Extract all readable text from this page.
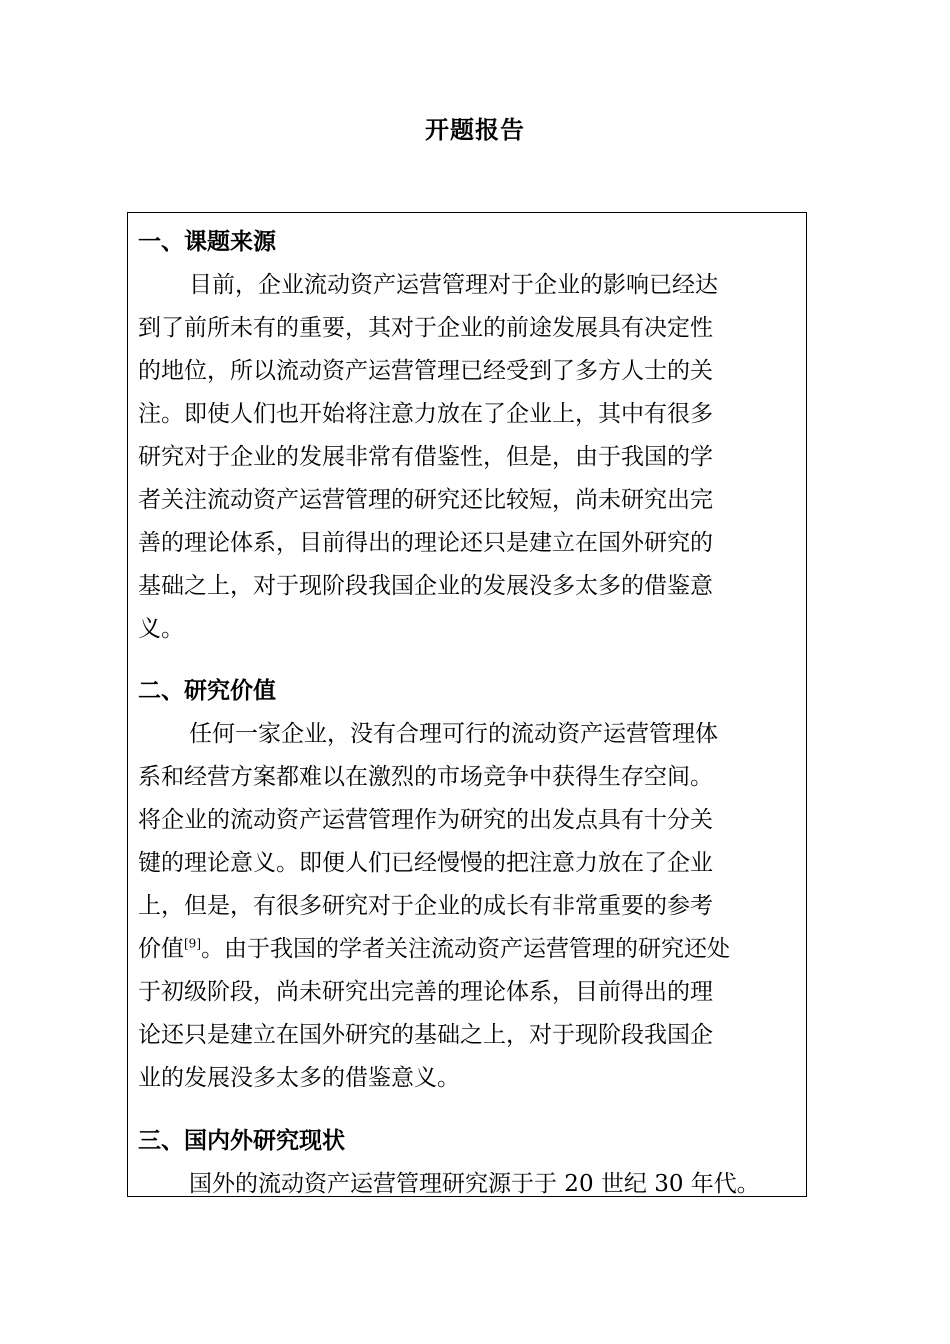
开题报告
一、课题来源
目前，企业流动资产运营管理对于企业的影响已经达
到了前所未有的重要，其对于企业的前途发展具有决定性
的地位，所以流动资产运营管理已经受到了多方人士的关
注。即使人们也开始将注意力放在了企业上，其中有很多
研究对于企业的发展非常有借鉴性，但是，由于我国的学
者关注流动资产运营管理的研究还比较短，尚未研究出完
善的理论体系，目前得出的理论还只是建立在国外研究的
基础之上，对于现阶段我国企业的发展没多太多的借鉴意
义。
二、研究价值
任何一家企业，没有合理可行的流动资产运营管理体
系和经营方案都难以在激烈的市场竞争中获得生存空间。
将企业的流动资产运营管理作为研究的出发点具有十分关
键的理论意义。即便人们已经慢慢的把注意力放在了企业
上，但是，有很多研究对于企业的成长有非常重要的参考
价值[9]。由于我国的学者关注流动资产运营管理的研究还处
于初级阶段，尚未研究出完善的理论体系，目前得出的理
论还只是建立在国外研究的基础之上，对于现阶段我国企
业的发展没多太多的借鉴意义。
三、国内外研究现状
国外的流动资产运营管理研究源于于 20 世纪 30 年代。
